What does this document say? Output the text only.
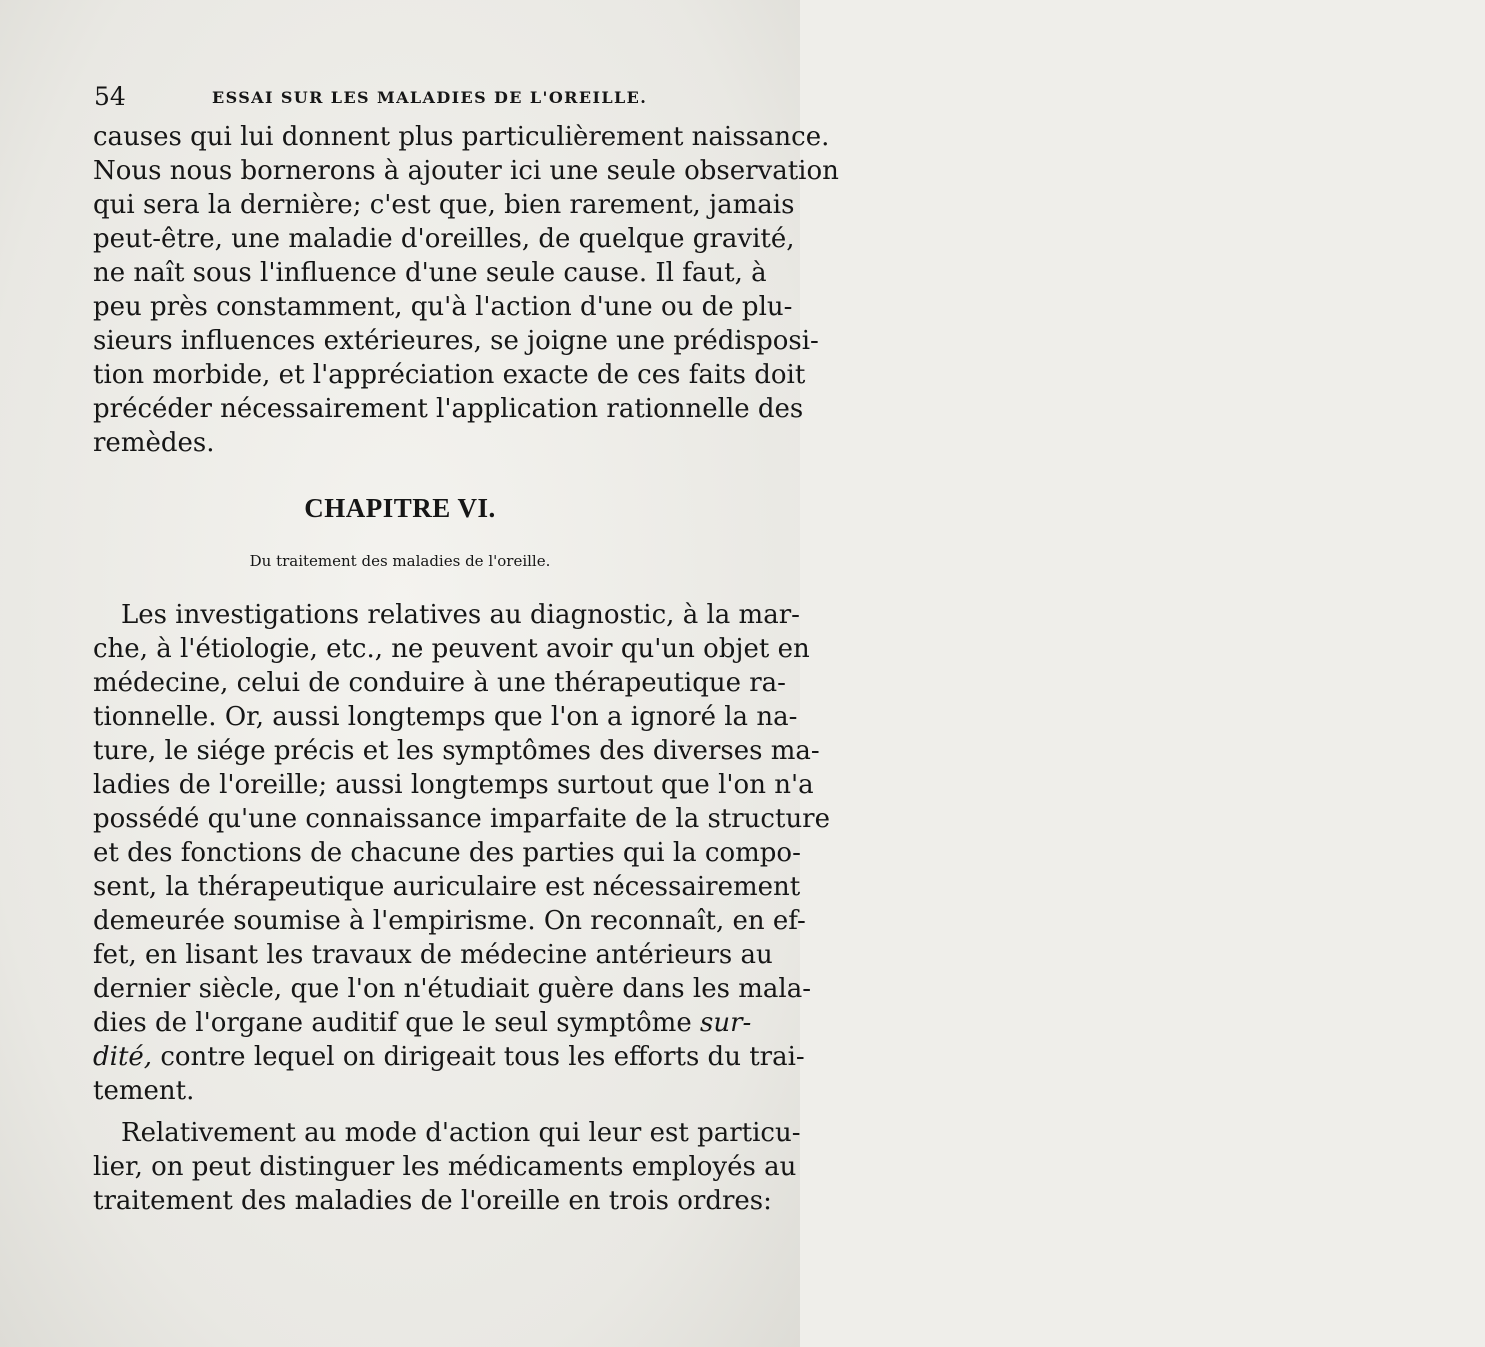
54	ESSAI SUR LES MALADIES DE L'OREILLE.
causes qui lui donnent plus particulièrement naissance.
Nous nous bornerons à ajouter ici une seule observation
qui sera la dernière; c'est que, bien rarement, jamais
peut-être, une maladie d'oreilles, de quelque gravité,
ne naît sous l'influence d'une seule cause. Il faut, à
peu près constamment, qu'à l'action d'une ou de plu-
sieurs influences extérieures, se joigne une prédisposi-
tion morbide, et l'appréciation exacte de ces faits doit
précéder nécessairement l'application rationnelle des
remèdes.
CHAPITRE VI.
Du traitement des maladies de l'oreille.
Les investigations relatives au diagnostic, à la mar-
che, à l'étiologie, etc., ne peuvent avoir qu'un objet en
médecine, celui de conduire à une thérapeutique ra-
tionnelle. Or, aussi longtemps que l'on a ignoré la na-
ture, le siége précis et les symptômes des diverses ma-
ladies de l'oreille; aussi longtemps surtout que l'on n'a
possédé qu'une connaissance imparfaite de la structure
et des fonctions de chacune des parties qui la compo-
sent, la thérapeutique auriculaire est nécessairement
demeurée soumise à l'empirisme. On reconnaît, en ef-
fet, en lisant les travaux de médecine antérieurs au
dernier siècle, que l'on n'étudiait guère dans les mala-
dies de l'organe auditif que le seul symptôme sur-
dité, contre lequel on dirigeait tous les efforts du trai-
tement.
Relativement au mode d'action qui leur est particu-
lier, on peut distinguer les médicaments employés au
traitement des maladies de l'oreille en trois ordres:
